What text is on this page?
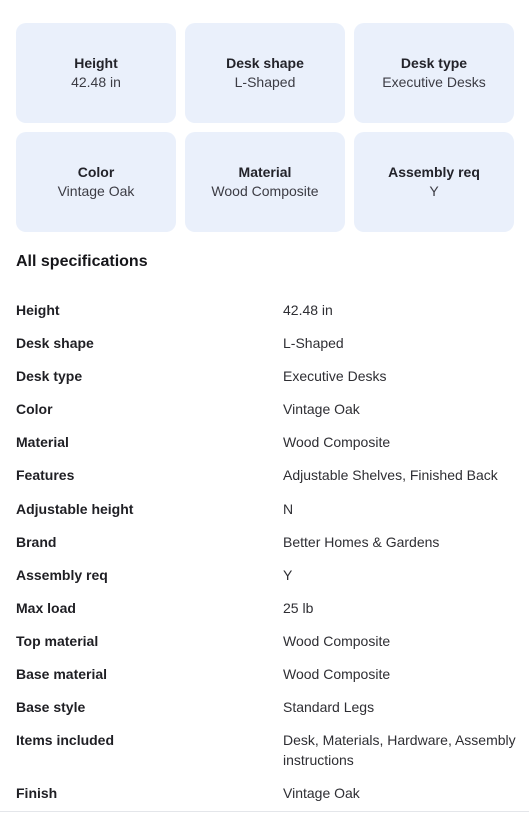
Height
42.48 in
Desk shape
L-Shaped
Desk type
Executive Desks
Color
Vintage Oak
Material
Wood Composite
Assembly req
Y
All specifications
Height	42.48 in
Desk shape	L-Shaped
Desk type	Executive Desks
Color	Vintage Oak
Material	Wood Composite
Features	Adjustable Shelves, Finished Back
Adjustable height	N
Brand	Better Homes & Gardens
Assembly req	Y
Max load	25 lb
Top material	Wood Composite
Base material	Wood Composite
Base style	Standard Legs
Items included	Desk, Materials, Hardware, Assembly instructions
Finish	Vintage Oak
